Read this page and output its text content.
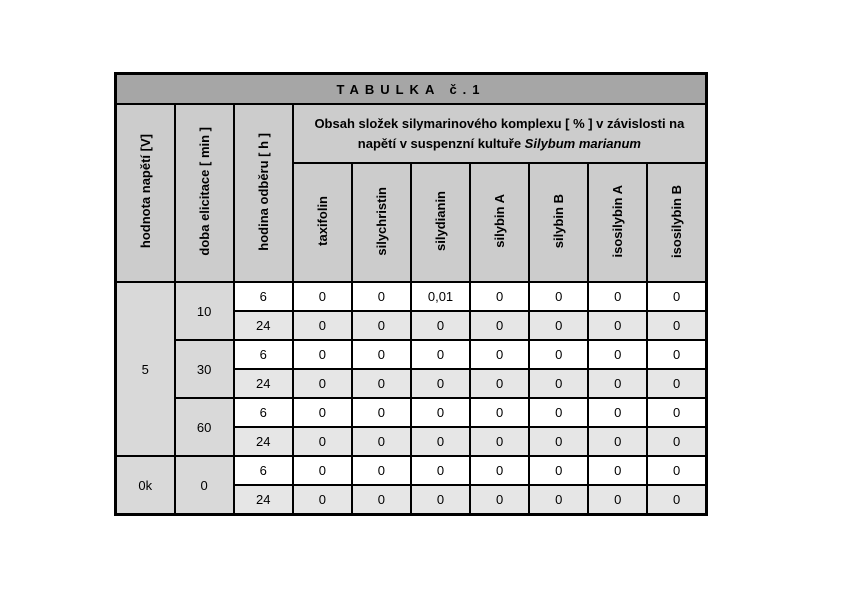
TABULKA č.1									
hodnota napětí [V]	doba elicitace [ min ]	hodina odběru [ h ]	Obsah složek silymarinového komplexu [ % ] v závislosti na napětí v suspenzní kultuře Silybum marianum						
			taxifolin	silychristin	silydianin	silybin A	silybin B	isosilybin A	isosilybin B
5	10	6	0	0	0,01	0	0	0	0
		24	0	0	0	0	0	0	0
	30	6	0	0	0	0	0	0	0
		24	0	0	0	0	0	0	0
	60	6	0	0	0	0	0	0	0
		24	0	0	0	0	0	0	0
0k	0	6	0	0	0	0	0	0	0
		24	0	0	0	0	0	0	0
